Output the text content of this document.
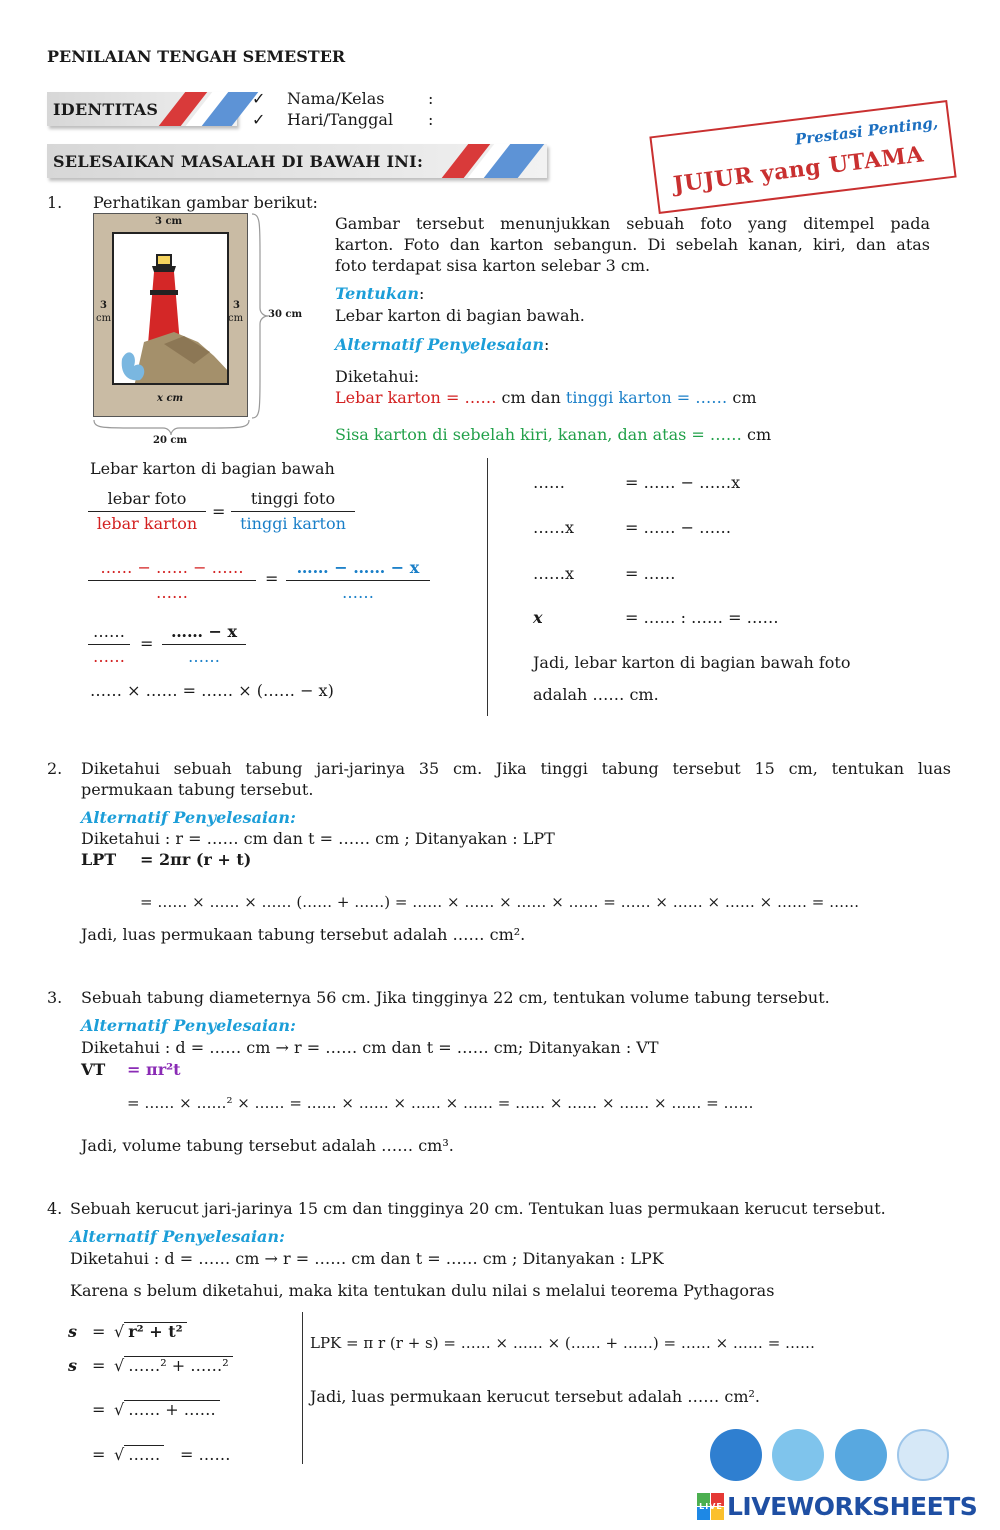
PENILAIAN TENGAH SEMESTER
IDENTITAS
✓ Nama/Kelas	:
✓ Hari/Tanggal :
SELESAIKAN MASALAH DI BAWAH INI:
Prestasi Penting,
JUJUR yang UTAMA
1. Perhatikan gambar berikut:
3 cm
3
cm
3
cm
x cm
30 cm
20 cm
Gambar tersebut menunjukkan sebuah foto yang ditempel pada
karton. Foto dan karton sebangun. Di sebelah kanan, kiri, dan atas
foto terdapat sisa karton selebar 3 cm.
Tentukan:
Lebar karton di bagian bawah.
Alternatif Penyelesaian:
Diketahui:
Lebar karton = …… cm dan tinggi karton = …… cm
Sisa karton di sebelah kiri, kanan, dan atas = …… cm
Lebar karton di bagian bawah
lebar foto
lebar karton
=
tinggi foto
tinggi karton
…… − …… − ……
……
=
…… − …… − x
……
……
……
=
…… − x
……
…… × …… = …… × (…… − x)
……	= …… − ……x
……x	= …… − ……
……x	= ……
x	= …… : …… = ……
Jadi, lebar karton di bagian bawah foto
adalah …… cm.
2. Diketahui sebuah tabung jari-jarinya 35 cm. Jika tinggi tabung tersebut 15 cm, tentukan luas
permukaan tabung tersebut.
Alternatif Penyelesaian:
Diketahui : r = …… cm dan t = …… cm ; Ditanyakan : LPT
LPT = 2πr (r + t)
= …… × …… × …… (…… + ……) = …… × …… × …… × …… = …… × …… × …… × …… = ……
Jadi, luas permukaan tabung tersebut adalah …… cm².
3. Sebuah tabung diameternya 56 cm. Jika tingginya 22 cm, tentukan volume tabung tersebut.
Alternatif Penyelesaian:
Diketahui : d = …… cm → r = …… cm dan t = …… cm; Ditanyakan : VT
VT = πr²t
= …… × ……² × …… = …… × …… × …… × …… = …… × …… × …… × …… = ……
Jadi, volume tabung tersebut adalah …… cm³.
4. Sebuah kerucut jari-jarinya 15 cm dan tingginya 20 cm. Tentukan luas permukaan kerucut tersebut.
Alternatif Penyelesaian:
Diketahui : d = …… cm → r = …… cm dan t = …… cm ; Ditanyakan : LPK
Karena s belum diketahui, maka kita tentukan dulu nilai s melalui teorema Pythagoras
s = √ r² + t²
s = √ ……² + ……²
= √ …… + ……
= √ …… = ……
LPK = π r (r + s) = …… × …… × (…… + ……) = …… × …… = ……
Jadi, luas permukaan kerucut tersebut adalah …… cm².
LIVE LIVEWORKSHEETS
